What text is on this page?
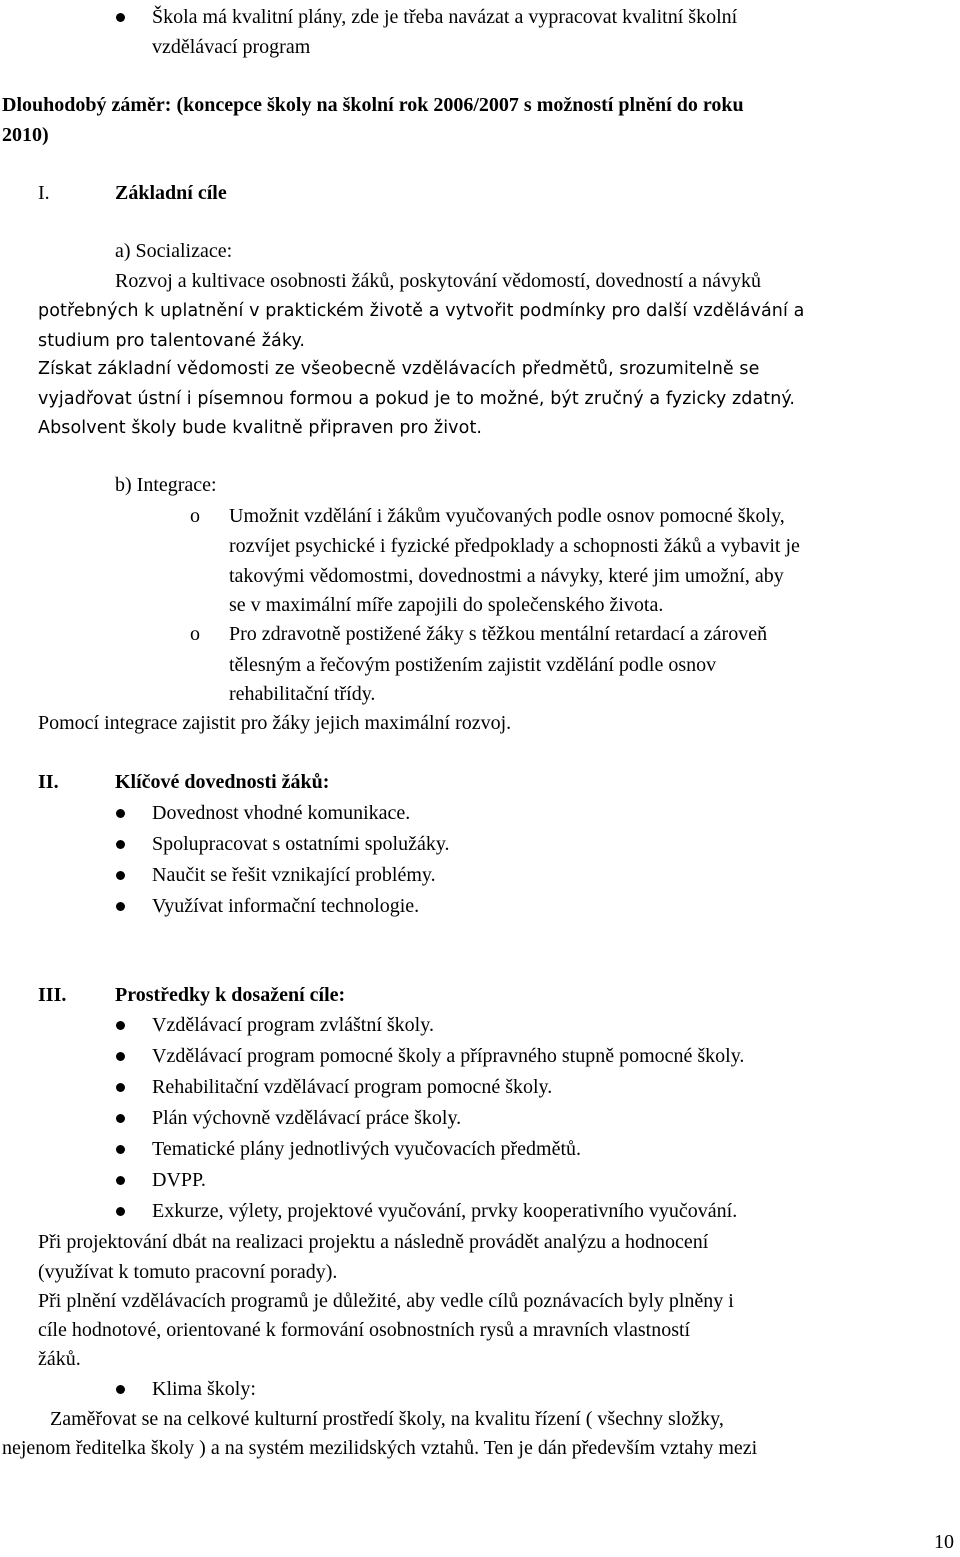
Škola má kvalitní plány, zde je třeba navázat a vypracovat kvalitní školní
vzdělávací program
Dlouhodobý záměr: (koncepce školy na školní rok 2006/2007 s možností plnění do roku
2010)
I.	Základní cíle
a) Socializace:
Rozvoj a kultivace osobnosti žáků, poskytování vědomostí, dovedností a návyků
potřebných k uplatnění v praktickém životě a vytvořit podmínky pro další vzdělávání a
studium pro talentované žáky.
Získat základní vědomosti ze všeobecně vzdělávacích předmětů, srozumitelně se
vyjadřovat ústní i písemnou formou a pokud je to možné, být zručný a fyzicky zdatný.
Absolvent školy bude kvalitně připraven pro život.
b) Integrace:
o Umožnit vzdělání i žákům vyučovaných podle osnov pomocné školy,
rozvíjet psychické i fyzické předpoklady a schopnosti žáků a vybavit je
takovými vědomostmi, dovednostmi a návyky, které jim umožní, aby
se v maximální míře zapojili do společenského života.
o Pro zdravotně postižené žáky s těžkou mentální retardací a zároveň
tělesným a řečovým postižením zajistit vzdělání podle osnov
rehabilitační třídy.
Pomocí integrace zajistit pro žáky jejich maximální rozvoj.
II.	Klíčové dovednosti žáků:
Dovednost vhodné komunikace.
Spolupracovat s ostatními spolužáky.
Naučit se řešit vznikající problémy.
Využívat informační technologie.
III. Prostředky k dosažení cíle:
Vzdělávací program zvláštní školy.
Vzdělávací program pomocné školy a přípravného stupně pomocné školy.
Rehabilitační vzdělávací program pomocné školy.
Plán výchovně vzdělávací práce školy.
Tematické plány jednotlivých vyučovacích předmětů.
DVPP.
Exkurze, výlety, projektové vyučování, prvky kooperativního vyučování.
Při projektování dbát na realizaci projektu a následně provádět analýzu a hodnocení
(využívat k tomuto pracovní porady).
Při plnění vzdělávacích programů je důležité, aby vedle cílů poznávacích byly plněny i
cíle hodnotové, orientované k formování osobnostních rysů a mravních vlastností
žáků.
Klima školy:
Zaměřovat se na celkové kulturní prostředí školy, na kvalitu řízení ( všechny složky,
nejenom ředitelka školy ) a na systém mezilidských vztahů. Ten je dán především vztahy mezi
10
